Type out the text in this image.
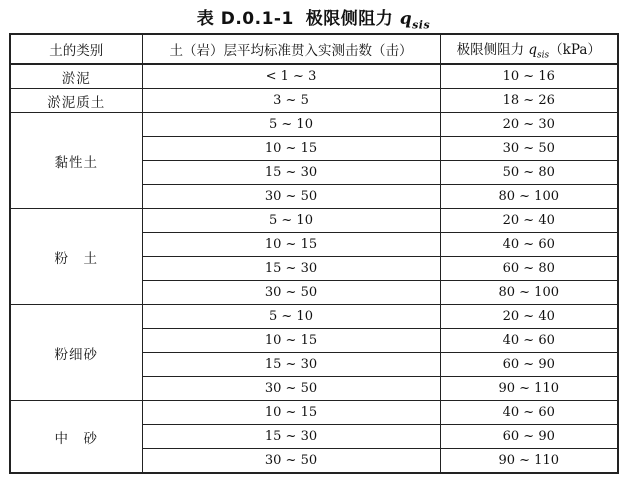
表 D.0.1-1 极限侧阻力 $q_{sis}$
土的类别	土（岩）层平均标准贯入实测击数（击）	极限侧阻力 $q_{sis}(kPa)$
淤泥	< 1 ~ 3	10 ~ 16
淤泥质土	3 ~ 5	18 ~ 26
黏性土	5 ~ 10	20 ~ 30
	10 ~ 15	30 ~ 50
	15 ~ 30	50 ~ 80
	30 ~ 50	80 ~ 100
粉　土	5 ~ 10	20 ~ 40
	10 ~ 15	40 ~ 60
	15 ~ 30	60 ~ 80
	30 ~ 50	80 ~ 100
粉细砂	5 ~ 10	20 ~ 40
	10 ~ 15	40 ~ 60
	15 ~ 30	60 ~ 90
	30 ~ 50	90 ~ 110
中　砂	10 ~ 15	40 ~ 60
	15 ~ 30	60 ~ 90
	30 ~ 50	90 ~ 110
